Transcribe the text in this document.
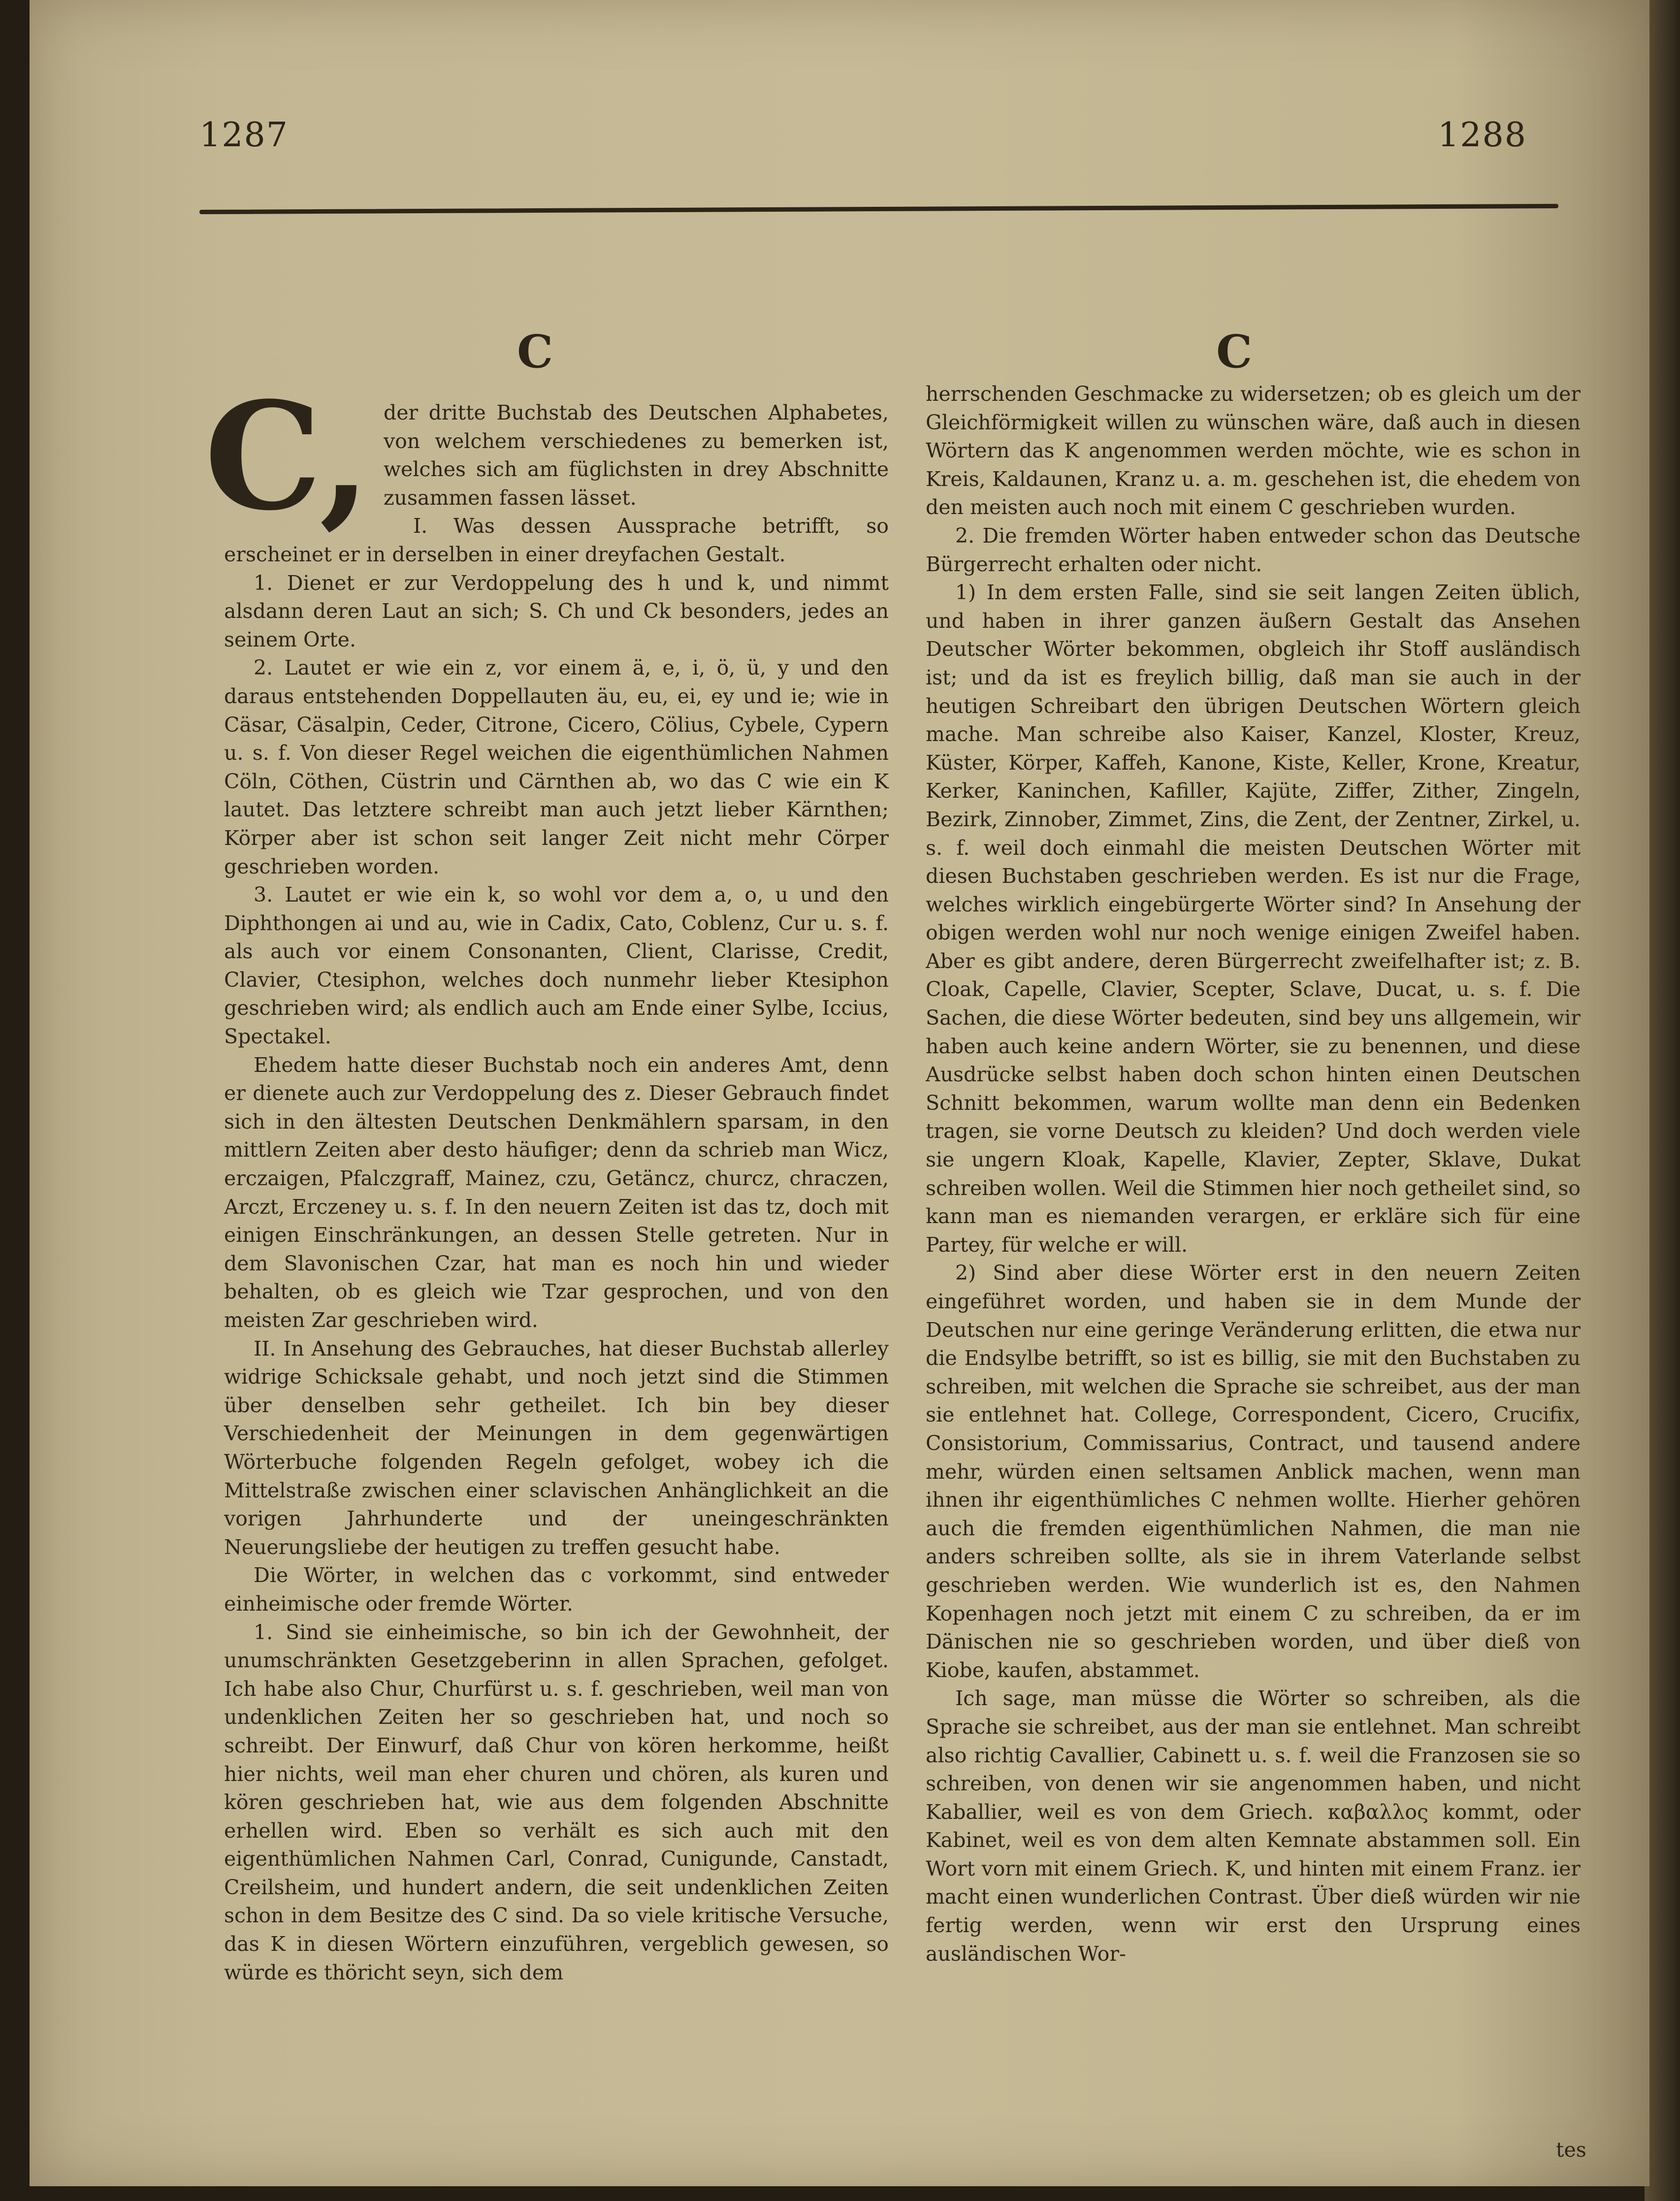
1287	1288
C	C
C, der dritte Buchstab des Deutschen Alphabetes, von welchem verschiedenes zu bemerken ist, welches sich am füglichsten in drey Abschnitte zusammen fassen lässet.

I. Was dessen Aussprache betrifft, so erscheinet er in derselben in einer dreyfachen Gestalt.

1. Dienet er zur Verdoppelung des h und k, und nimmt alsdann deren Laut an sich; S. Ch und Ck besonders, jedes an seinem Orte.

2. Lautet er wie ein z, vor einem ä, e, i, ö, ü, y und den daraus entstehenden Doppellauten äu, eu, ei, ey und ie; wie in Cäsar, Cäsalpin, Ceder, Citrone, Cicero, Cölius, Cybele, Cypern u. s. f. Von dieser Regel weichen die eigenthümlichen Nahmen Cöln, Cöthen, Cüstrin und Cärnthen ab, wo das C wie ein K lautet. Das letztere schreibt man auch jetzt lieber Kärnthen; Körper aber ist schon seit langer Zeit nicht mehr Cörper geschrieben worden.

3. Lautet er wie ein k, so wohl vor dem a, o, u und den Diphthongen ai und au, wie in Cadix, Cato, Coblenz, Cur u. s. f. als auch vor einem Consonanten, Client, Clarisse, Credit, Clavier, Ctesiphon, welches doch nunmehr lieber Ktesiphon geschrieben wird; als endlich auch am Ende einer Sylbe, Iccius, Spectakel.

Ehedem hatte dieser Buchstab noch ein anderes Amt, denn er dienete auch zur Verdoppelung des z. Dieser Gebrauch findet sich in den ältesten Deutschen Denkmählern sparsam, in den mittlern Zeiten aber desto häufiger; denn da schrieb man Wicz, erczaigen, Pfalczgraff, Mainez, czu, Getäncz, churcz, chraczen, Arczt, Erczeney u. s. f. In den neuern Zeiten ist das tz, doch mit einigen Einschränkungen, an dessen Stelle getreten. Nur in dem Slavonischen Czar, hat man es noch hin und wieder behalten, ob es gleich wie Tzar gesprochen, und von den meisten Zar geschrieben wird.

II. In Ansehung des Gebrauches, hat dieser Buchstab allerley widrige Schicksale gehabt, und noch jetzt sind die Stimmen über denselben sehr getheilet. Ich bin bey dieser Verschiedenheit der Meinungen in dem gegenwärtigen Wörterbuche folgenden Regeln gefolget, wobey ich die Mittelstraße zwischen einer sclavischen Anhänglichkeit an die vorigen Jahrhunderte und der uneingeschränkten Neuerungsliebe der heutigen zu treffen gesucht habe.

Die Wörter, in welchen das c vorkommt, sind entweder einheimische oder fremde Wörter.

1. Sind sie einheimische, so bin ich der Gewohnheit, der unumschränkten Gesetzgeberinn in allen Sprachen, gefolget. Ich habe also Chur, Churfürst u. s. f. geschrieben, weil man von undenklichen Zeiten her so geschrieben hat, und noch so schreibt. Der Einwurf, daß Chur von kören herkomme, heißt hier nichts, weil man eher churen und chören, als kuren und kören geschrieben hat, wie aus dem folgenden Abschnitte erhellen wird. Eben so verhält es sich auch mit den eigenthümlichen Nahmen Carl, Conrad, Cunigunde, Canstadt, Creilsheim, und hundert andern, die seit undenklichen Zeiten schon in dem Besitze des C sind. Da so viele kritische Versuche, das K in diesen Wörtern einzuführen, vergeblich gewesen, so würde es thöricht seyn, sich dem

herrschenden Geschmacke zu widersetzen; ob es gleich um der Gleichförmigkeit willen zu wünschen wäre, daß auch in diesen Wörtern das K angenommen werden möchte, wie es schon in Kreis, Kaldaunen, Kranz u. a. m. geschehen ist, die ehedem von den meisten auch noch mit einem C geschrieben wurden.

2. Die fremden Wörter haben entweder schon das Deutsche Bürgerrecht erhalten oder nicht.

1) In dem ersten Falle, sind sie seit langen Zeiten üblich, und haben in ihrer ganzen äußern Gestalt das Ansehen Deutscher Wörter bekommen, obgleich ihr Stoff ausländisch ist; und da ist es freylich billig, daß man sie auch in der heutigen Schreibart den übrigen Deutschen Wörtern gleich mache. Man schreibe also Kaiser, Kanzel, Kloster, Kreuz, Küster, Körper, Kaffeh, Kanone, Kiste, Keller, Krone, Kreatur, Kerker, Kaninchen, Kafiller, Kajüte, Ziffer, Zither, Zingeln, Bezirk, Zinnober, Zimmet, Zins, die Zent, der Zentner, Zirkel, u. s. f. weil doch einmahl die meisten Deutschen Wörter mit diesen Buchstaben geschrieben werden. Es ist nur die Frage, welches wirklich eingebürgerte Wörter sind? In Ansehung der obigen werden wohl nur noch wenige einigen Zweifel haben. Aber es gibt andere, deren Bürgerrecht zweifelhafter ist; z. B. Cloak, Capelle, Clavier, Scepter, Sclave, Ducat, u. s. f. Die Sachen, die diese Wörter bedeuten, sind bey uns allgemein, wir haben auch keine andern Wörter, sie zu benennen, und diese Ausdrücke selbst haben doch schon hinten einen Deutschen Schnitt bekommen, warum wollte man denn ein Bedenken tragen, sie vorne Deutsch zu kleiden? Und doch werden viele sie ungern Kloak, Kapelle, Klavier, Zepter, Sklave, Dukat schreiben wollen. Weil die Stimmen hier noch getheilet sind, so kann man es niemanden verargen, er erkläre sich für eine Partey, für welche er will.

2) Sind aber diese Wörter erst in den neuern Zeiten eingeführet worden, und haben sie in dem Munde der Deutschen nur eine geringe Veränderung erlitten, die etwa nur die Endsylbe betrifft, so ist es billig, sie mit den Buchstaben zu schreiben, mit welchen die Sprache sie schreibet, aus der man sie entlehnet hat. College, Correspondent, Cicero, Crucifix, Consistorium, Commissarius, Contract, und tausend andere mehr, würden einen seltsamen Anblick machen, wenn man ihnen ihr eigenthümliches C nehmen wollte. Hierher gehören auch die fremden eigenthümlichen Nahmen, die man nie anders schreiben sollte, als sie in ihrem Vaterlande selbst geschrieben werden. Wie wunderlich ist es, den Nahmen Kopenhagen noch jetzt mit einem C zu schreiben, da er im Dänischen nie so geschrieben worden, und über dieß von Kiobe, kaufen, abstammet.

Ich sage, man müsse die Wörter so schreiben, als die Sprache sie schreibet, aus der man sie entlehnet. Man schreibt also richtig Cavallier, Cabinett u. s. f. weil die Franzosen sie so schreiben, von denen wir sie angenommen haben, und nicht Kaballier, weil es von dem Griech. καβαλλος kommt, oder Kabinet, weil es von dem alten Kemnate abstammen soll. Ein Wort vorn mit einem Griech. K, und hinten mit einem Franz. ier macht einen wunderlichen Contrast. Über dieß würden wir nie fertig werden, wenn wir erst den Ursprung eines ausländischen Wor-

tes
